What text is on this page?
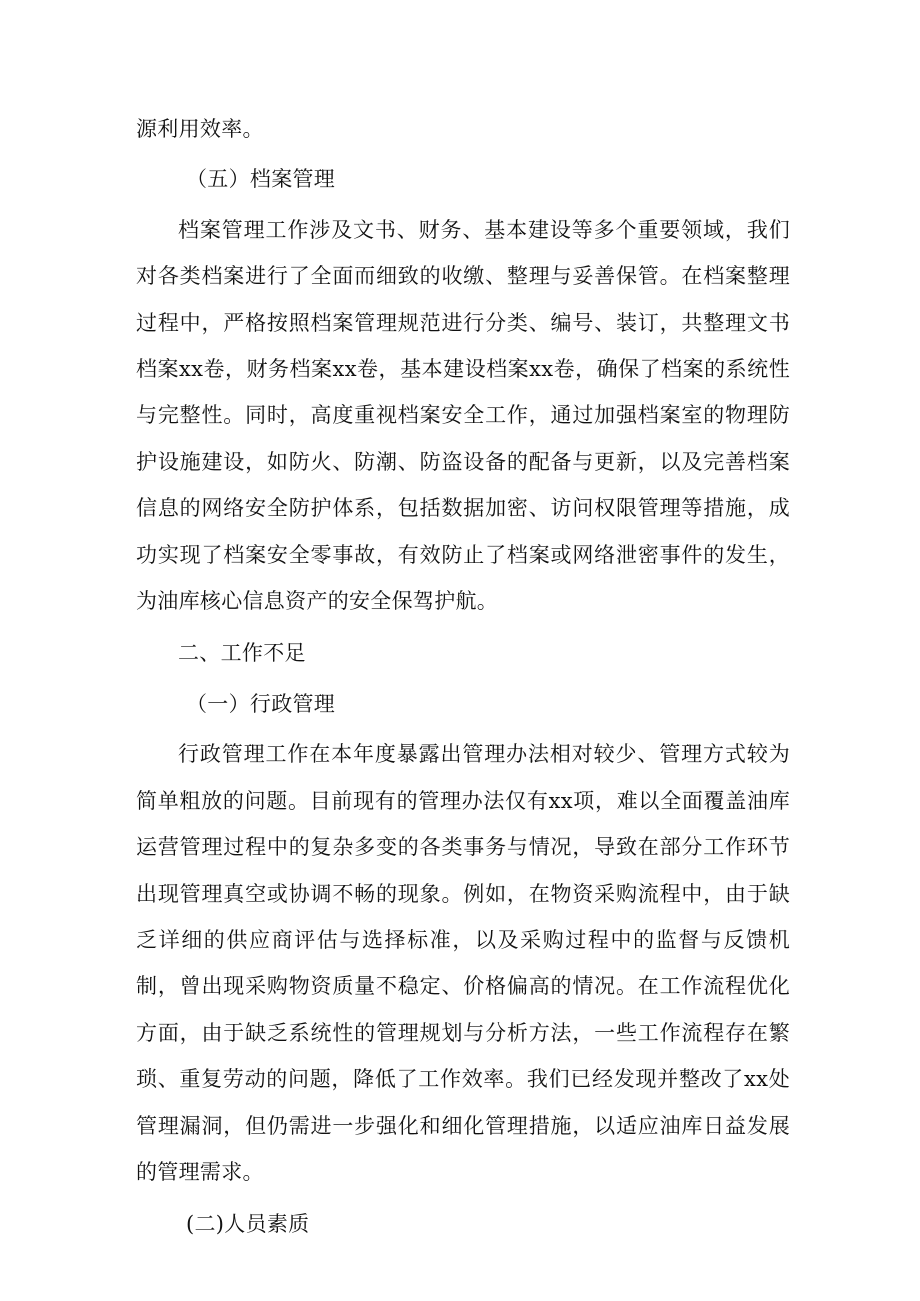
源利用效率。

（五）档案管理

档案管理工作涉及文书、财务、基本建设等多个重要领域，我们对各类档案进行了全面而细致的收缴、整理与妥善保管。在档案整理过程中，严格按照档案管理规范进行分类、编号、装订，共整理文书档案xx卷，财务档案xx卷，基本建设档案xx卷，确保了档案的系统性与完整性。同时，高度重视档案安全工作，通过加强档案室的物理防护设施建设，如防火、防潮、防盗设备的配备与更新，以及完善档案信息的网络安全防护体系，包括数据加密、访问权限管理等措施，成功实现了档案安全零事故，有效防止了档案或网络泄密事件的发生，为油库核心信息资产的安全保驾护航。

二、工作不足

（一）行政管理

行政管理工作在本年度暴露出管理办法相对较少、管理方式较为简单粗放的问题。目前现有的管理办法仅有xx项，难以全面覆盖油库运营管理过程中的复杂多变的各类事务与情况，导致在部分工作环节出现管理真空或协调不畅的现象。例如，在物资采购流程中，由于缺乏详细的供应商评估与选择标准，以及采购过程中的监督与反馈机制，曾出现采购物资质量不稳定、价格偏高的情况。在工作流程优化方面，由于缺乏系统性的管理规划与分析方法，一些工作流程存在繁琐、重复劳动的问题，降低了工作效率。我们已经发现并整改了xx处管理漏洞，但仍需进一步强化和细化管理措施，以适应油库日益发展的管理需求。

(二)人员素质
